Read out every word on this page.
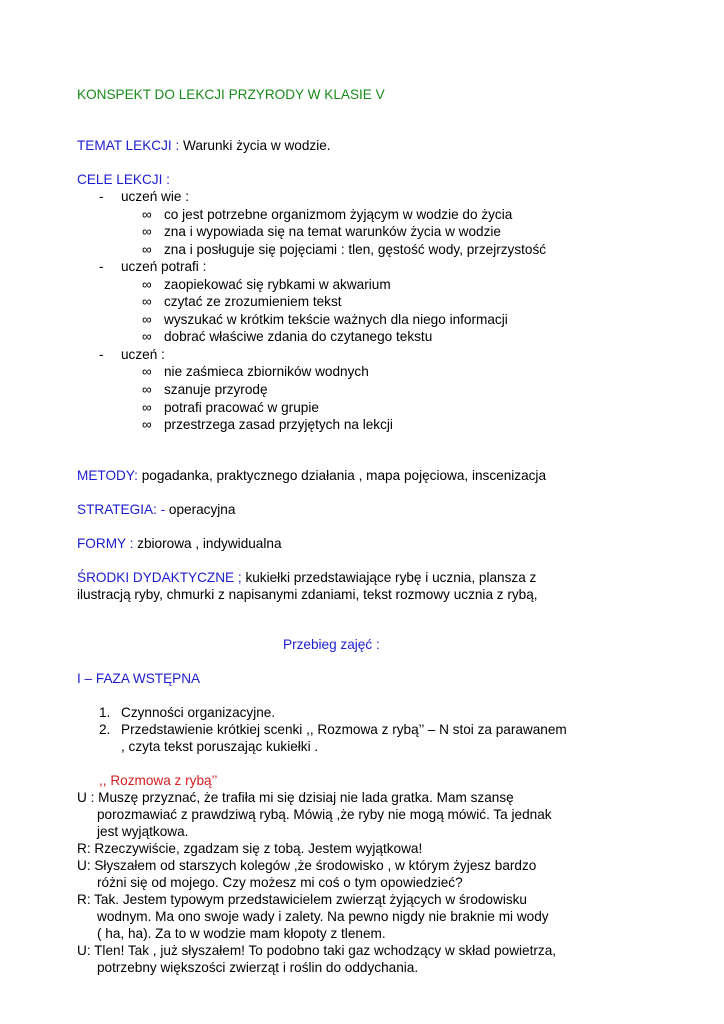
KONSPEKT DO LEKCJI PRZYRODY W KLASIE V
TEMAT LEKCJI : Warunki życia w wodzie.
CELE LEKCJI :
- uczeń wie :
∞ co jest potrzebne organizmom żyjącym w wodzie do życia
∞ zna i wypowiada się na temat warunków życia w wodzie
∞ zna i posługuje się pojęciami : tlen, gęstość wody, przejrzystość
- uczeń potrafi :
∞ zaopiekować się rybkami w akwarium
∞ czytać ze zrozumieniem tekst
∞ wyszukać w krótkim tekście ważnych dla niego informacji
∞ dobrać właściwe zdania do czytanego tekstu
- uczeń :
∞ nie zaśmieca zbiorników wodnych
∞ szanuje przyrodę
∞ potrafi pracować w grupie
∞ przestrzega zasad przyjętych na lekcji
METODY: pogadanka, praktycznego działania , mapa pojęciowa, inscenizacja
STRATEGIA: - operacyjna
FORMY : zbiorowa , indywidualna
ŚRODKI DYDAKTYCZNE ; kukiełki przedstawiające rybę i ucznia, plansza z
ilustracją ryby, chmurki z napisanymi zdaniami, tekst rozmowy ucznia z rybą,
Przebieg zajęć :
I – FAZA WSTĘPNA
1. Czynności organizacyjne.
2. Przedstawienie krótkiej scenki ,, Rozmowa z rybą’’ – N stoi za parawanem
, czyta tekst poruszając kukiełki .
,, Rozmowa z rybą’’
U : Muszę przyznać, że trafiła mi się dzisiaj nie lada gratka. Mam szansę
porozmawiać z prawdziwą rybą. Mówią ,że ryby nie mogą mówić. Ta jednak
jest wyjątkowa.
R: Rzeczywiście, zgadzam się z tobą. Jestem wyjątkowa!
U: Słyszałem od starszych kolegów ,że środowisko , w którym żyjesz bardzo
różni się od mojego. Czy możesz mi coś o tym opowiedzieć?
R: Tak. Jestem typowym przedstawicielem zwierząt żyjących w środowisku
wodnym. Ma ono swoje wady i zalety. Na pewno nigdy nie braknie mi wody
( ha, ha). Za to w wodzie mam kłopoty z tlenem.
U: Tlen! Tak , już słyszałem! To podobno taki gaz wchodzący w skład powietrza,
potrzebny większości zwierząt i roślin do oddychania.
